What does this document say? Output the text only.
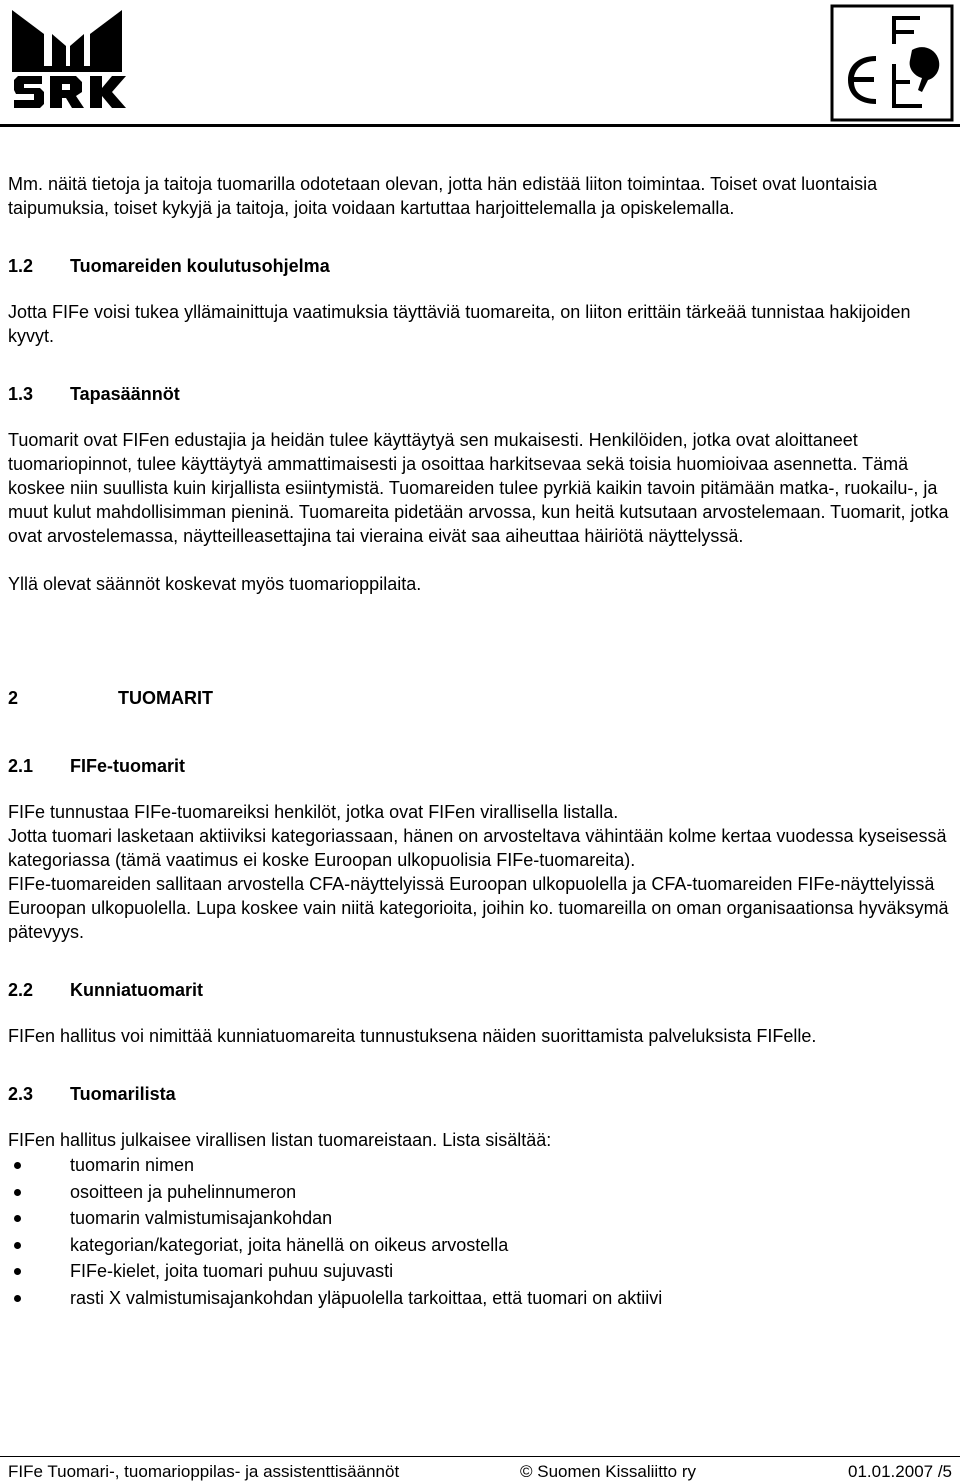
Mm. näitä tietoja ja taitoja tuomarilla odotetaan olevan, jotta hän edistää liiton toimintaa. Toiset ovat luontaisia taipumuksia, toiset kykyjä ja taitoja, joita voidaan kartuttaa harjoittelemalla ja opiskelemalla.

1.2 Tuomareiden koulutusohjelma

Jotta FIFe voisi tukea yllämainittuja vaatimuksia täyttäviä tuomareita, on liiton erittäin tärkeää tunnistaa hakijoiden kyvyt.

1.3 Tapasäännöt

Tuomarit ovat FIFen edustajia ja heidän tulee käyttäytyä sen mukaisesti. Henkilöiden, jotka ovat aloittaneet tuomariopinnot, tulee käyttäytyä ammattimaisesti ja osoittaa harkitsevaa sekä toisia huomioivaa asennetta. Tämä koskee niin suullista kuin kirjallista esiintymistä. Tuomareiden tulee pyrkiä kaikin tavoin pitämään matka-, ruokailu-, ja muut kulut mahdollisimman pieninä. Tuomareita pidetään arvossa, kun heitä kutsutaan arvostelemaan. Tuomarit, jotka ovat arvostelemassa, näytteilleasettajina tai vieraina eivät saa aiheuttaa häiriötä näyttelyssä.

Yllä olevat säännöt koskevat myös tuomarioppilaita.

2	TUOMARIT
2.1 FIFe-tuomarit

FIFe tunnustaa FIFe-tuomareiksi henkilöt, jotka ovat FIFen virallisella listalla.

Jotta tuomari lasketaan aktiiviksi kategoriassaan, hänen on arvosteltava vähintään kolme kertaa vuodessa kyseisessä kategoriassa (tämä vaatimus ei koske Euroopan ulkopuolisia FIFe-tuomareita).

FIFe-tuomareiden sallitaan arvostella CFA-näyttelyissä Euroopan ulkopuolella ja CFA-tuomareiden FIFe-näyttelyissä Euroopan ulkopuolella. Lupa koskee vain niitä kategorioita, joihin ko. tuomareilla on oman organisaationsa hyväksymä pätevyys.

2.2 Kunniatuomarit

FIFen hallitus voi nimittää kunniatuomareita tunnustuksena näiden suorittamista palveluksista FIFelle.

2.3 Tuomarilista

FIFen hallitus julkaisee virallisen listan tuomareistaan. Lista sisältää:

tuomarin nimen
osoitteen ja puhelinnumeron
tuomarin valmistumisajankohdan
kategorian/kategoriat, joita hänellä on oikeus arvostella
FIFe-kielet, joita tuomari puhuu sujuvasti
rasti X valmistumisajankohdan yläpuolella tarkoittaa, että tuomari on aktiivi
FIFe Tuomari-, tuomarioppilas- ja assistenttisäännöt	© Suomen Kissaliitto ry	01.01.2007 /5
